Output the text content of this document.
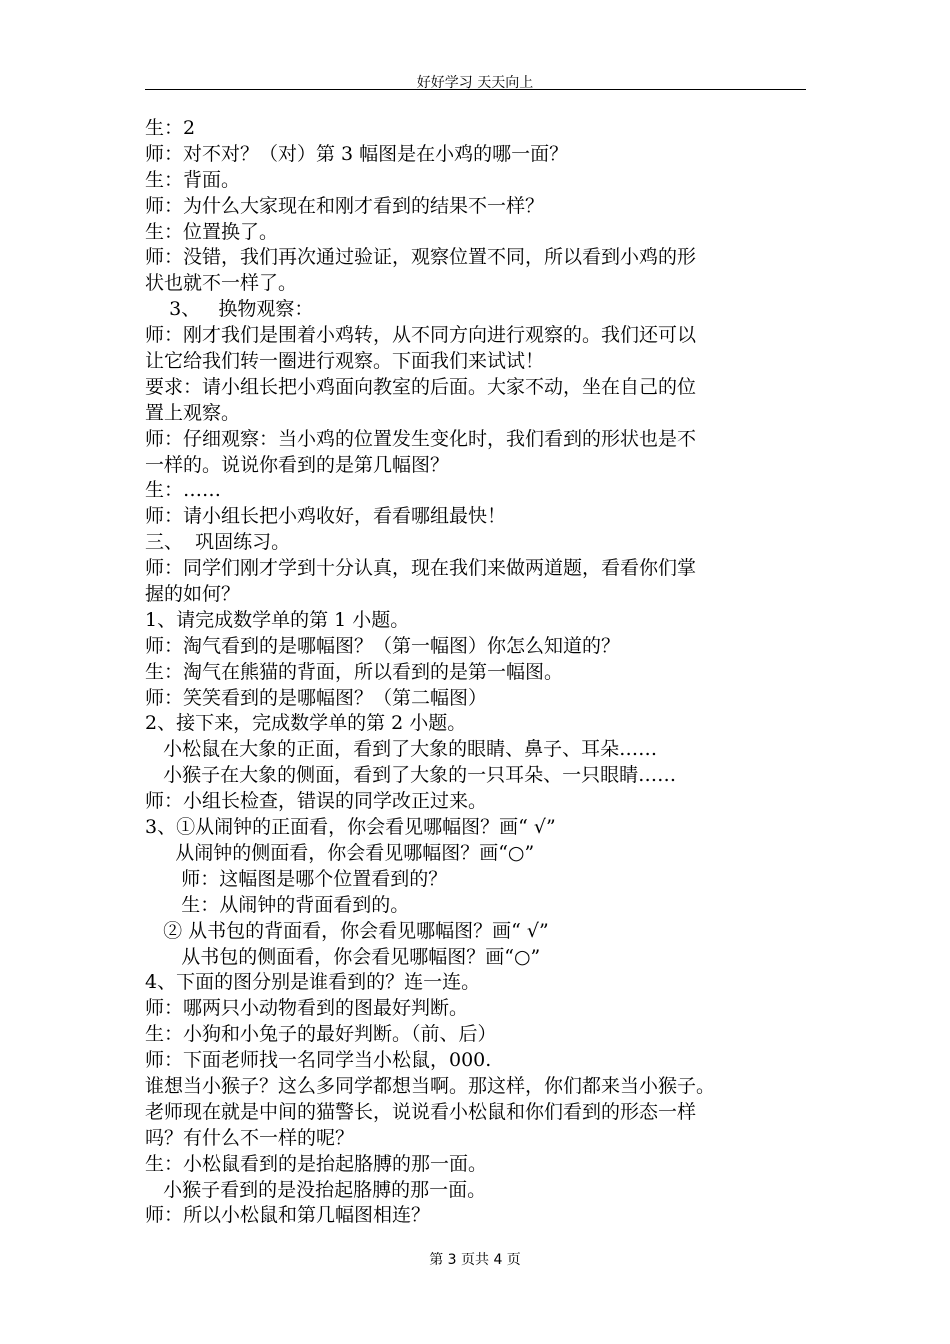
好好学习 天天向上
生：2
师：对不对？（对）第 3 幅图是在小鸡的哪一面？
生：背面。
师：为什么大家现在和刚才看到的结果不一样？
生：位置换了。
师：没错，我们再次通过验证，观察位置不同，所以看到小鸡的形
状也就不一样了。
3、   换物观察：
师：刚才我们是围着小鸡转，从不同方向进行观察的。我们还可以
让它给我们转一圈进行观察。下面我们来试试！
要求：请小组长把小鸡面向教室的后面。大家不动，坐在自己的位
置上观察。
师：仔细观察：当小鸡的位置发生变化时，我们看到的形状也是不
一样的。说说你看到的是第几幅图？
生：……
师：请小组长把小鸡收好，看看哪组最快！
三、  巩固练习。
师：同学们刚才学到十分认真，现在我们来做两道题，看看你们掌
握的如何？
1、请完成数学单的第 1 小题。
师：淘气看到的是哪幅图？（第一幅图）你怎么知道的？
生：淘气在熊猫的背面，所以看到的是第一幅图。
师：笑笑看到的是哪幅图？（第二幅图）
2、接下来，完成数学单的第 2 小题。
小松鼠在大象的正面，看到了大象的眼睛、鼻子、耳朵……
小猴子在大象的侧面，看到了大象的一只耳朵、一只眼睛……
师：小组长检查，错误的同学改正过来。
3、①从闹钟的正面看，你会看见哪幅图？画“ √”
从闹钟的侧面看，你会看见哪幅图？画“○”
师：这幅图是哪个位置看到的？
生：从闹钟的背面看到的。
② 从书包的背面看，你会看见哪幅图？画“ √”
从书包的侧面看，你会看见哪幅图？画“○”
4、下面的图分别是谁看到的？连一连。
师：哪两只小动物看到的图最好判断。
生：小狗和小兔子的最好判断。（前、后）
师：下面老师找一名同学当小松鼠，000.
谁想当小猴子？这么多同学都想当啊。那这样，你们都来当小猴子。
老师现在就是中间的猫警长，说说看小松鼠和你们看到的形态一样
吗？有什么不一样的呢？
生：小松鼠看到的是抬起胳膊的那一面。
小猴子看到的是没抬起胳膊的那一面。
师：所以小松鼠和第几幅图相连？
第 3 页共 4 页
